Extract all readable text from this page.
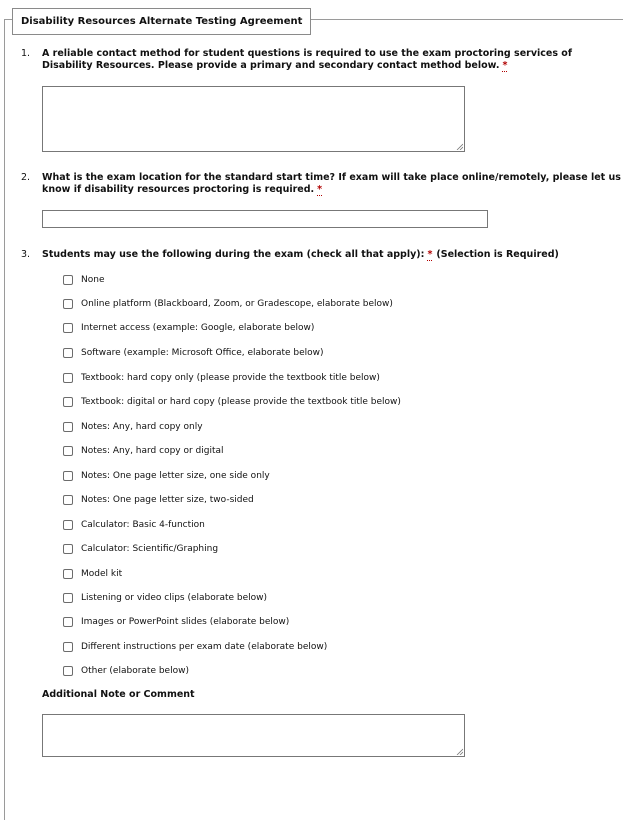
Disability Resources Alternate Testing Agreement
1. A reliable contact method for student questions is required to use the exam proctoring services of Disability Resources. Please provide a primary and secondary contact method below. *
2. What is the exam location for the standard start time? If exam will take place online/remotely, please let us know if disability resources proctoring is required. *
3. Students may use the following during the exam (check all that apply): * (Selection is Required)
None
Online platform (Blackboard, Zoom, or Gradescope, elaborate below)
Internet access (example: Google, elaborate below)
Software (example: Microsoft Office, elaborate below)
Textbook: hard copy only (please provide the textbook title below)
Textbook: digital or hard copy (please provide the textbook title below)
Notes: Any, hard copy only
Notes: Any, hard copy or digital
Notes: One page letter size, one side only
Notes: One page letter size, two-sided
Calculator: Basic 4-function
Calculator: Scientific/Graphing
Model kit
Listening or video clips (elaborate below)
Images or PowerPoint slides (elaborate below)
Different instructions per exam date (elaborate below)
Other (elaborate below)
Additional Note or Comment
